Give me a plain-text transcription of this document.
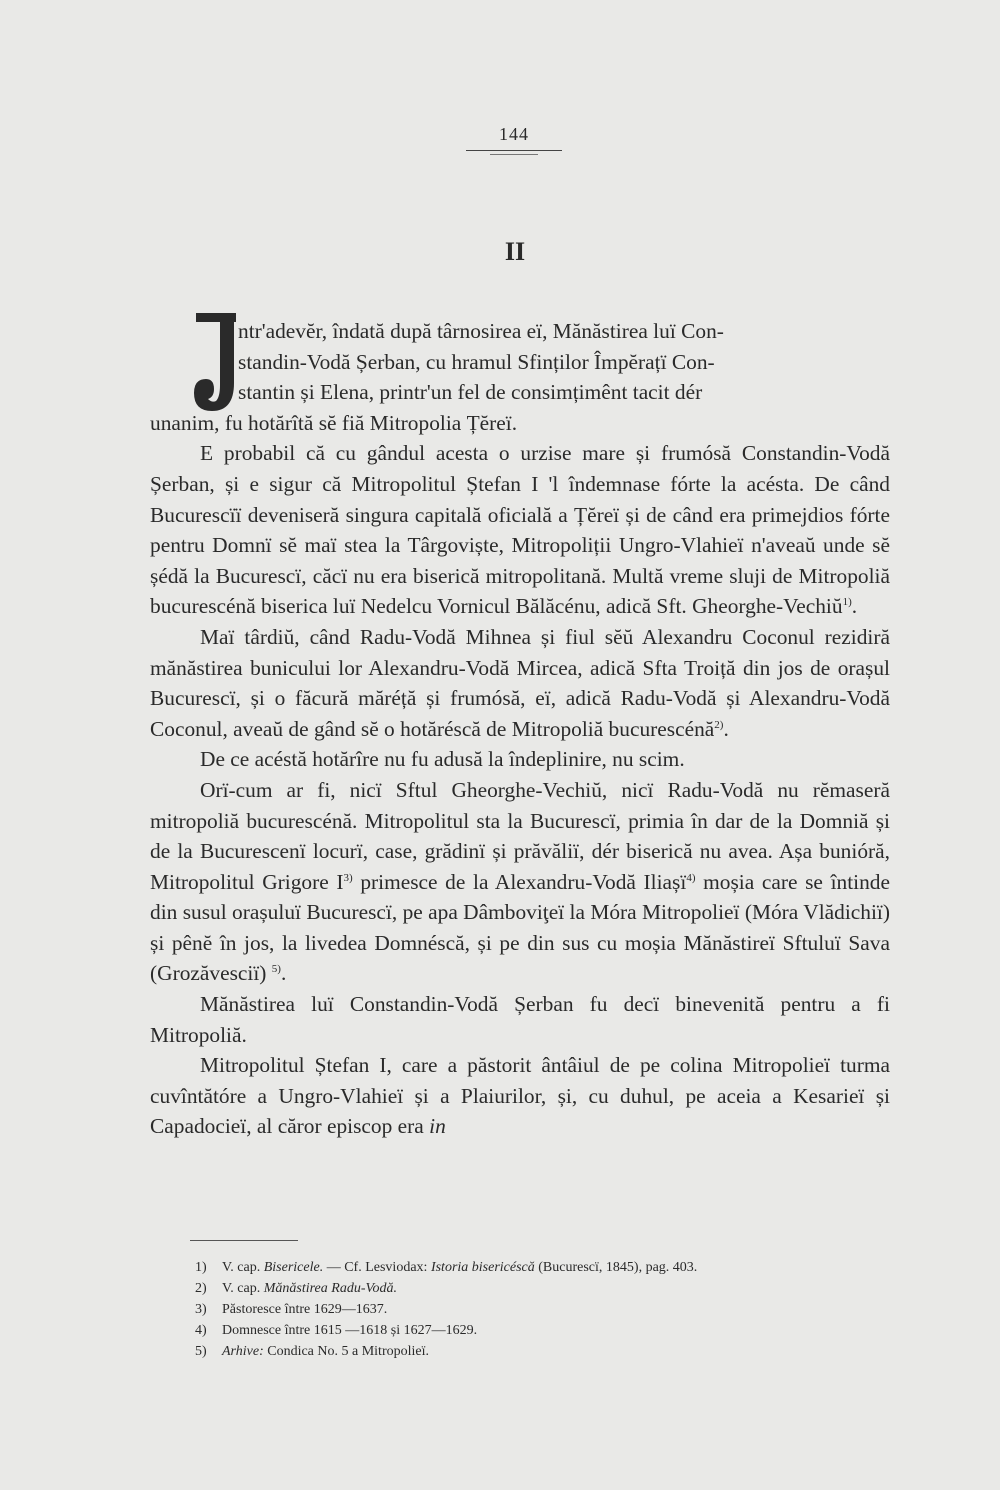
144
II

ntr'adevĕr, îndată după târnosirea eï, Mănăstirea luï Con-
standin-Vodă Șerban, cu hramul Sfinților Împĕrațï Con-
stantin și Elena, printr'un fel de consimțimênt tacit dér
unanim, fu hotărîtă sĕ fiă Mitropolia Țĕreï.

E probabil că cu gândul acesta o urzise mare și frumósă Constandin-Vodă Șerban, și e sigur că Mitropolitul Ștefan I 'l îndemnase fórte la acésta. De când Bucurescïï deveniseră singura capitală oficială a Țĕreï și de când era primejdios fórte pentru Domnï sĕ maï stea la Târgoviște, Mitropoliții Ungro-Vlahieï n'aveaŭ unde sĕ șédă la Bucurescï, căcï nu era biserică mitropolitană. Multă vreme sluji de Mitropoliă bucurescénă biserica luï Nedelcu Vornicul Bălăcénu, adică Sft. Gheorghe-Vechiŭ$^{1)}$.

Maï târdiŭ, când Radu-Vodă Mihnea și fiul sĕŭ Alexandru Coconul rezidiră mănăstirea bunicului lor Alexandru-Vodă Mircea, adică Sfta Troiță din jos de orașul Bucurescï, și o făcură măréță și frumósă, eï, adică Radu-Vodă și Alexandru-Vodă Coconul, aveaŭ de gând sĕ o hotăréscă de Mitropoliă bucurescénă$^{2)}$.

De ce acéstă hotărîre nu fu adusă la îndeplinire, nu scim.

Orï-cum ar fi, nicï Sftul Gheorghe-Vechiŭ, nicï Radu-Vodă nu rĕmaseră mitropoliă bucurescénă. Mitropolitul sta la Bucurescï, primia în dar de la Domniă și de la Bucurescenï locurï, case, grădinï și prăvăliï, dér biserică nu avea. Așa bunióră, Mitropolitul Grigore $I^{3)}$ primesce de la Alexandru-Vodă Iliașï$^{4)}$ moșia care se întinde din susul orașuluï Bucurescï, pe apa Dâmboviţeï la Móra Mitropolieï (Móra Vlădichiï) și pênĕ în jos, la livedea Domnéscă, și pe din sus cu moșia Mănăstireï Sftuluï Sava (Grozăvesciï) $^{5)}$.

Mănăstirea luï Constandin-Vodă Șerban fu decï binevenită pentru a fi Mitropoliă.

Mitropolitul Ștefan I, care a păstorit ântâiul de pe colina Mitropolieï turma cuvîntătóre a Ungro-Vlahieï și a Plaiurilor, și, cu duhul, pe aceia a Kesarieï și Capadocieï, al căror episcop era in

1)	V. cap. Bisericele. — Cf. Lesviodax: Istoria bisericéscă (Bucurescï, 1845), pag. 403.
2)	V. cap. Mănăstirea Radu-Vodă.
3)	Păstoresce între 1629—1637.
4)	Domnesce între 1615 —1618 și 1627—1629.
5)	Arhive: Condica No. 5 a Mitropolieï.
